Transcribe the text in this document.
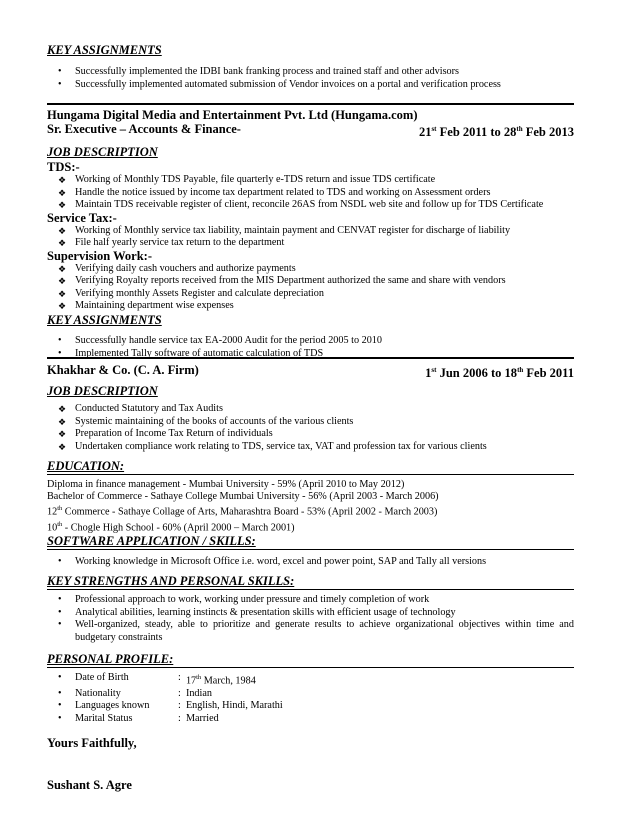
KEY ASSIGNMENTS
• Successfully implemented the IDBI bank franking process and trained staff and other advisors
• Successfully implemented automated submission of Vendor invoices on a portal and verification process
Hungama Digital Media and Entertainment Pvt. Ltd (Hungama.com)
Sr. Executive – Accounts & Finance-	21st Feb 2011 to 28th Feb 2013
JOB DESCRIPTION
TDS:-
❖ Working of Monthly TDS Payable, file quarterly e-TDS return and issue TDS certificate
❖ Handle the notice issued by income tax department related to TDS and working on Assessment orders
❖ Maintain TDS receivable register of client, reconcile 26AS from NSDL web site and follow up for TDS Certificate
Service Tax:-
❖ Working of Monthly service tax liability, maintain payment and CENVAT register for discharge of liability
❖ File half yearly service tax return to the department
Supervision Work:-
❖ Verifying daily cash vouchers and authorize payments
❖ Verifying Royalty reports received from the MIS Department authorized the same and share with vendors
❖ Verifying monthly Assets Register and calculate depreciation
❖ Maintaining department wise expenses
KEY ASSIGNMENTS
• Successfully handle service tax EA-2000 Audit for the period 2005 to 2010
• Implemented Tally software of automatic calculation of TDS
Khakhar & Co. (C. A. Firm)	1st Jun 2006 to 18th Feb 2011
JOB DESCRIPTION
❖ Conducted Statutory and Tax Audits
❖ Systemic maintaining of the books of accounts of the various clients
❖ Preparation of Income Tax Return of individuals
❖ Undertaken compliance work relating to TDS, service tax, VAT and profession tax for various clients
EDUCATION:
Diploma in finance management - Mumbai University - 59% (April 2010 to May 2012)
Bachelor of Commerce - Sathaye College Mumbai University - 56% (April 2003 - March 2006)
12th Commerce - Sathaye Collage of Arts, Maharashtra Board - 53% (April 2002 - March 2003)
10th - Chogle High School - 60% (April 2000 – March 2001)
SOFTWARE APPLICATION / SKILLS:
• Working knowledge in Microsoft Office i.e. word, excel and power point, SAP and Tally all versions
KEY STRENGTHS AND PERSONAL SKILLS:
• Professional approach to work, working under pressure and timely completion of work
• Analytical abilities, learning instincts & presentation skills with efficient usage of technology
• Well-organized, steady, able to prioritize and generate results to achieve organizational objectives within time and budgetary constraints
PERSONAL PROFILE:
• Date of Birth	:
17th March, 1984
• Nationality	:
Indian
• Languages known	:
English, Hindi, Marathi
• Marital Status	:
Married
Yours Faithfully,
Sushant S. Agre
